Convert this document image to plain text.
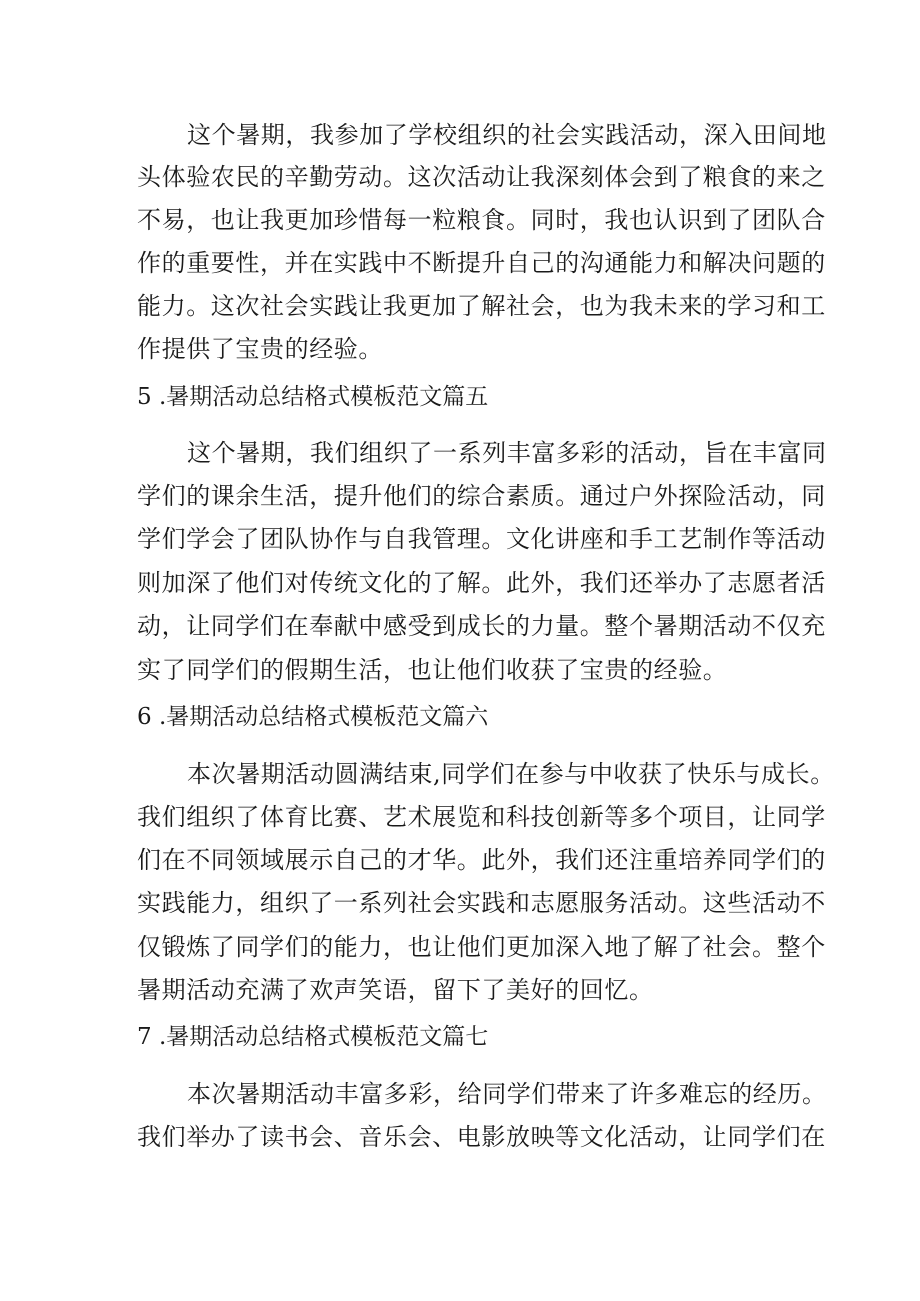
这个暑期，我参加了学校组织的社会实践活动，深入田间地
头体验农民的辛勤劳动。这次活动让我深刻体会到了粮食的来之
不易，也让我更加珍惜每一粒粮食。同时，我也认识到了团队合
作的重要性，并在实践中不断提升自己的沟通能力和解决问题的
能力。这次社会实践让我更加了解社会，也为我未来的学习和工
作提供了宝贵的经验。
5 .暑期活动总结格式模板范文篇五
这个暑期，我们组织了一系列丰富多彩的活动，旨在丰富同
学们的课余生活，提升他们的综合素质。通过户外探险活动，同
学们学会了团队协作与自我管理。文化讲座和手工艺制作等活动
则加深了他们对传统文化的了解。此外，我们还举办了志愿者活
动，让同学们在奉献中感受到成长的力量。整个暑期活动不仅充
实了同学们的假期生活，也让他们收获了宝贵的经验。
6 .暑期活动总结格式模板范文篇六
本次暑期活动圆满结束,同学们在参与中收获了快乐与成长。
我们组织了体育比赛、艺术展览和科技创新等多个项目，让同学
们在不同领域展示自己的才华。此外，我们还注重培养同学们的
实践能力，组织了一系列社会实践和志愿服务活动。这些活动不
仅锻炼了同学们的能力，也让他们更加深入地了解了社会。整个
暑期活动充满了欢声笑语，留下了美好的回忆。
7 .暑期活动总结格式模板范文篇七
本次暑期活动丰富多彩，给同学们带来了许多难忘的经历。
我们举办了读书会、音乐会、电影放映等文化活动，让同学们在
